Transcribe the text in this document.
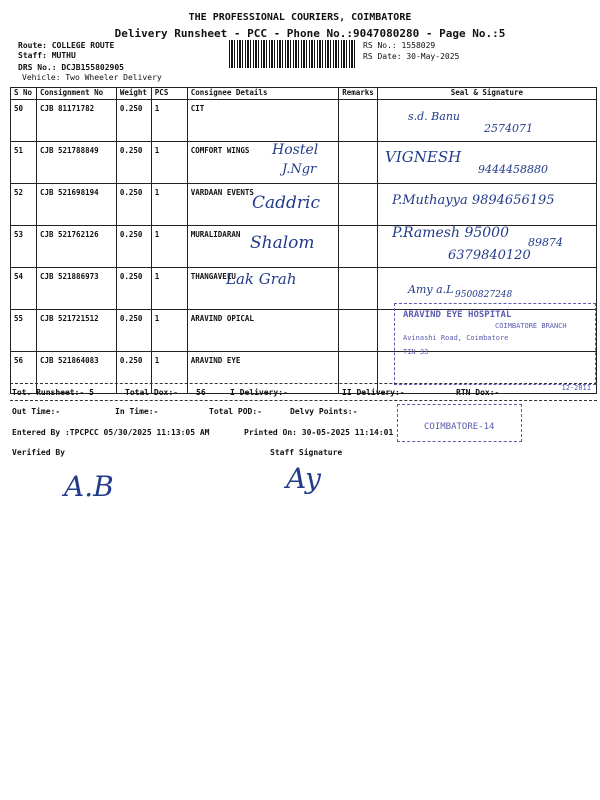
THE PROFESSIONAL COURIERS, COIMBATORE
Delivery Runsheet - PCC - Phone No.:9047080280 - Page No.:5
Route: COLLEGE ROUTE
Staff: MUTHU
DRS No.: DCJB155802905
Vehicle: Two Wheeler Delivery
RS No.: 1558029
RS Date: 30-May-2025
S No	Consignment No	Weight	PCS	Consignee Details	Remarks	Seal & Signature
50	CJB 81171782	0.250	1	CIT		
51	CJB 521788849	0.250	1	COMFORT WINGS		
52	CJB 521698194	0.250	1	VARDAAN EVENTS		
53	CJB 521762126	0.250	1	MURALIDARAN		
54	CJB 521886973	0.250	1	THANGAVELU		
55	CJB 521721512	0.250	1	ARAVIND OPICAL		
56	CJB 521864083	0.250	1	ARAVIND EYE		
s.d. Banu
2574071
Hostel
J.Ngr
VIGNESH
9444458880
Caddric	P.Muthayya 9894656195
Shalom	P.Ramesh 95000
89874
6379840120
Lak Grah
Amy a.L 9500827248
ARAVIND EYE HOSPITAL
COIMBATORE BRANCH
Avinashi Road, Coimbatore
TIN 33
12-2011
COIMBATORE-14
Tot. Runsheet:- 5	Total Dox:- 56	I Delivery:-	II Delivery:-	RTN Dox:-
Out Time:-	In Time:-	Total POD:-	Delvy Points:-
Entered By :TPCPCC 05/30/2025 11:13:05 AM	Printed On: 30-05-2025 11:14:01
Verified By	Staff Signature
A.B	Ay
